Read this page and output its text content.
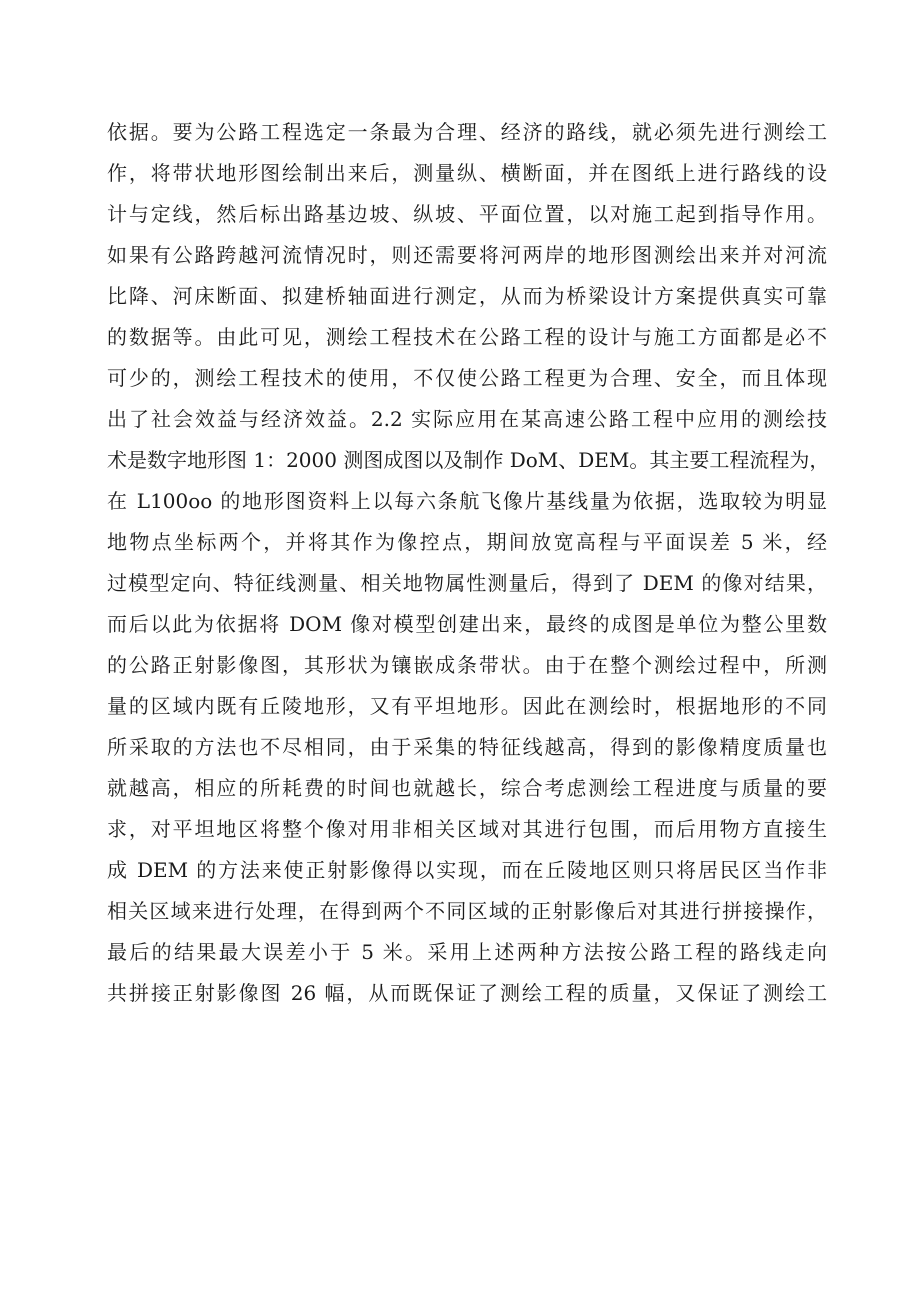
依据。要为公路工程选定一条最为合理、经济的路线，就必须先进行测绘工
作，将带状地形图绘制出来后，测量纵、横断面，并在图纸上进行路线的设
计与定线，然后标出路基边坡、纵坡、平面位置，以对施工起到指导作用。
如果有公路跨越河流情况时，则还需要将河两岸的地形图测绘出来并对河流
比降、河床断面、拟建桥轴面进行测定，从而为桥梁设计方案提供真实可靠
的数据等。由此可见，测绘工程技术在公路工程的设计与施工方面都是必不
可少的，测绘工程技术的使用，不仅使公路工程更为合理、安全，而且体现
出了社会效益与经济效益。2.2 实际应用在某高速公路工程中应用的测绘技
术是数字地形图 1：2000 测图成图以及制作 DoM、DEM。其主要工程流程为，
在 L100oo 的地形图资料上以每六条航飞像片基线量为依据，选取较为明显
地物点坐标两个，并将其作为像控点，期间放宽高程与平面误差 5 米，经
过模型定向、特征线测量、相关地物属性测量后，得到了 DEM 的像对结果，
而后以此为依据将 DOM 像对模型创建出来，最终的成图是单位为整公里数
的公路正射影像图，其形状为镶嵌成条带状。由于在整个测绘过程中，所测
量的区域内既有丘陵地形，又有平坦地形。因此在测绘时，根据地形的不同
所采取的方法也不尽相同，由于采集的特征线越高，得到的影像精度质量也
就越高，相应的所耗费的时间也就越长，综合考虑测绘工程进度与质量的要
求，对平坦地区将整个像对用非相关区域对其进行包围，而后用物方直接生
成 DEM 的方法来使正射影像得以实现，而在丘陵地区则只将居民区当作非
相关区域来进行处理，在得到两个不同区域的正射影像后对其进行拼接操作，
最后的结果最大误差小于 5 米。采用上述两种方法按公路工程的路线走向
共拼接正射影像图 26 幅，从而既保证了测绘工程的质量，又保证了测绘工
